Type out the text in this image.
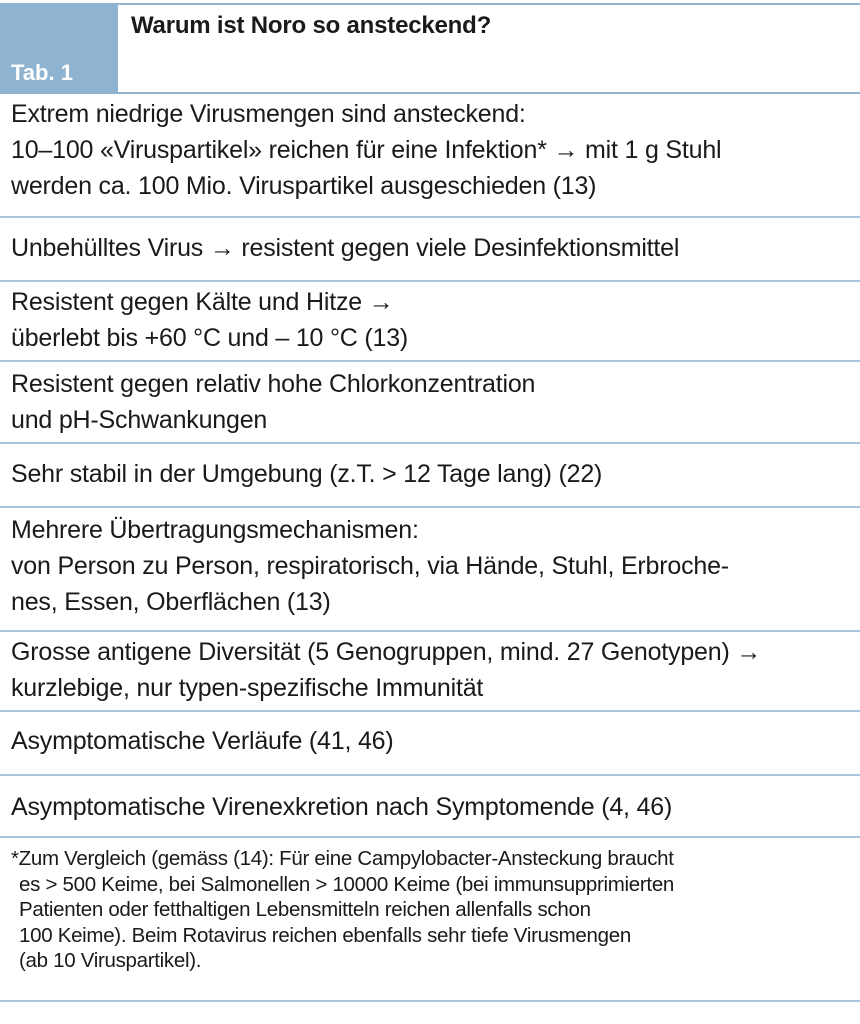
Tab. 1
Warum ist Noro so ansteckend?
Extrem niedrige Virusmengen sind ansteckend:
10–100 «Viruspartikel» reichen für eine Infektion* → mit 1 g Stuhl
werden ca. 100 Mio. Viruspartikel ausgeschieden (13)
Unbehülltes Virus → resistent gegen viele Desinfektionsmittel
Resistent gegen Kälte und Hitze →
überlebt bis +60 °C und – 10 °C (13)
Resistent gegen relativ hohe Chlorkonzentration
und pH-Schwankungen
Sehr stabil in der Umgebung (z.T. > 12 Tage lang) (22)
Mehrere Übertragungsmechanismen:
von Person zu Person, respiratorisch, via Hände, Stuhl, Erbroche-
nes, Essen, Oberflächen (13)
Grosse antigene Diversität (5 Genogruppen, mind. 27 Genotypen) →
kurzlebige, nur typen-spezifische Immunität
Asymptomatische Verläufe (41, 46)
Asymptomatische Virenexkretion nach Symptomende (4, 46)
*Zum Vergleich (gemäss (14): Für eine Campylobacter-Ansteckung braucht
es > 500 Keime, bei Salmonellen > 10000 Keime (bei immunsupprimierten
Patienten oder fetthaltigen Lebensmitteln reichen allenfalls schon
100 Keime). Beim Rotavirus reichen ebenfalls sehr tiefe Virusmengen
(ab 10 Viruspartikel).
